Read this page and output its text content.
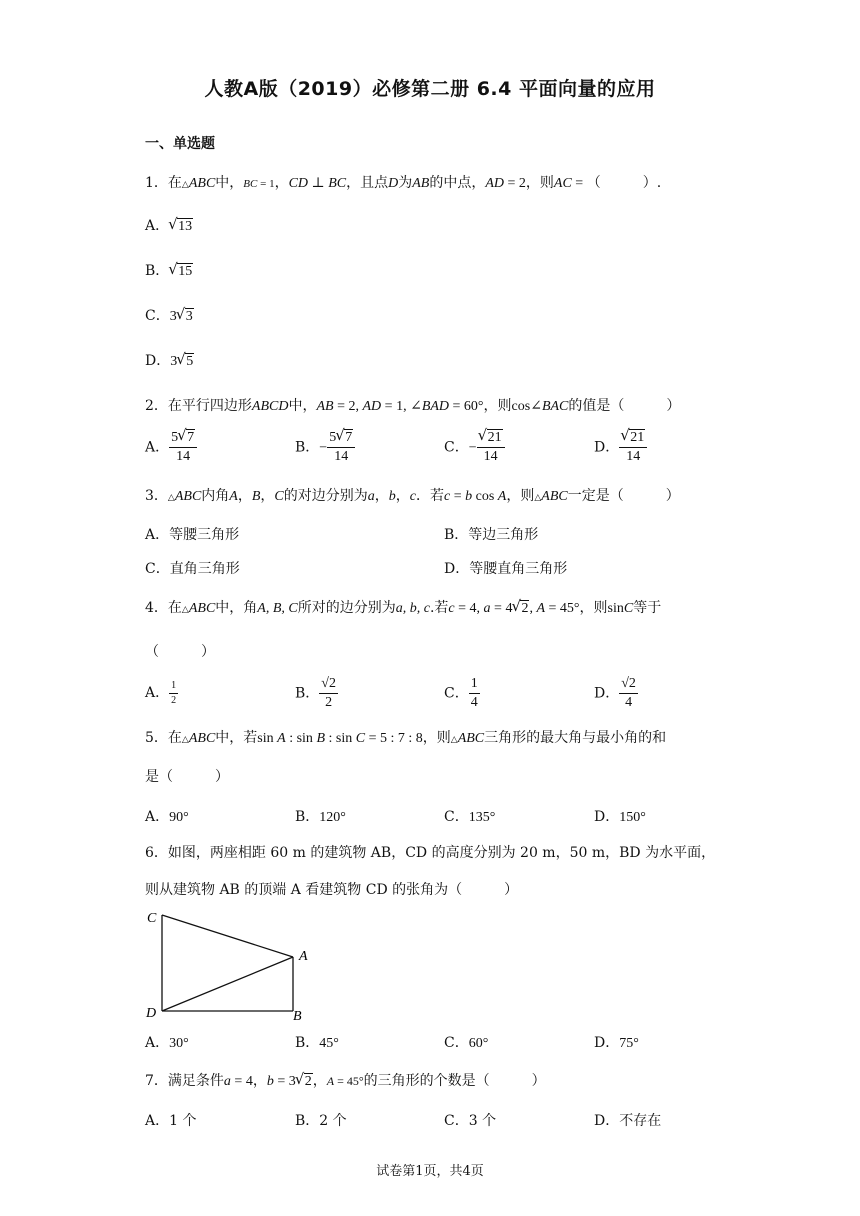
人教A版（2019）必修第二册 6.4 平面向量的应用
一、单选题
1．在△ABC中，BC = 1，CD ⊥ BC，且点D为AB的中点，AD = 2，则AC = （　　　）.
A． √ 13
B． √ 15
C．3 √ 3
D．3 √ 5
2．在平行四边形ABCD中，AB = 2, AD = 1, ∠BAD = 60°，则cos∠BAC的值是（　　　）
A． $\frac{5 √ 7}{14}$	B．− $\frac{5 √ 7}{14}$	C．− $\frac{√ 21}{14}$	D． $\frac{√ 21}{14}$
3．△ABC内角A，B，C的对边分别为a，b，c．若c = b cos A，则△ABC一定是（　　　）
A．等腰三角形	B．等边三角形
C．直角三角形	D．等腰直角三角形
4．在△ABC中，角A, B, C所对的边分别为a, b, c.若c = 4, a = 4 √ 2, A = 45°，则sinC等于
（　　　）
A． $\frac{1}{2}$	B． $\frac{√2}{2}$	C． $\frac{1}{4}$	D． $\frac{√2}{4}$
5．在△ABC中，若sin A : sin B : sin C = 5 : 7 : 8，则△ABC三角形的最大角与最小角的和
是（　　　）
A．90°	B．120°	C．135°	D．150°
6．如图，两座相距 60 m 的建筑物 AB，CD 的高度分别为 20 m，50 m，BD 为水平面，
则从建筑物 AB 的顶端 A 看建筑物 CD 的张角为（　　　）
C
A
D	B
A．30°	B．45°	C．60°	D．75°
7．满足条件a = 4，b = 3 √ 2，A = 45°的三角形的个数是（　　　）
A．1 个	B．2 个	C．3 个	D．不存在
试卷第1页，共4页
